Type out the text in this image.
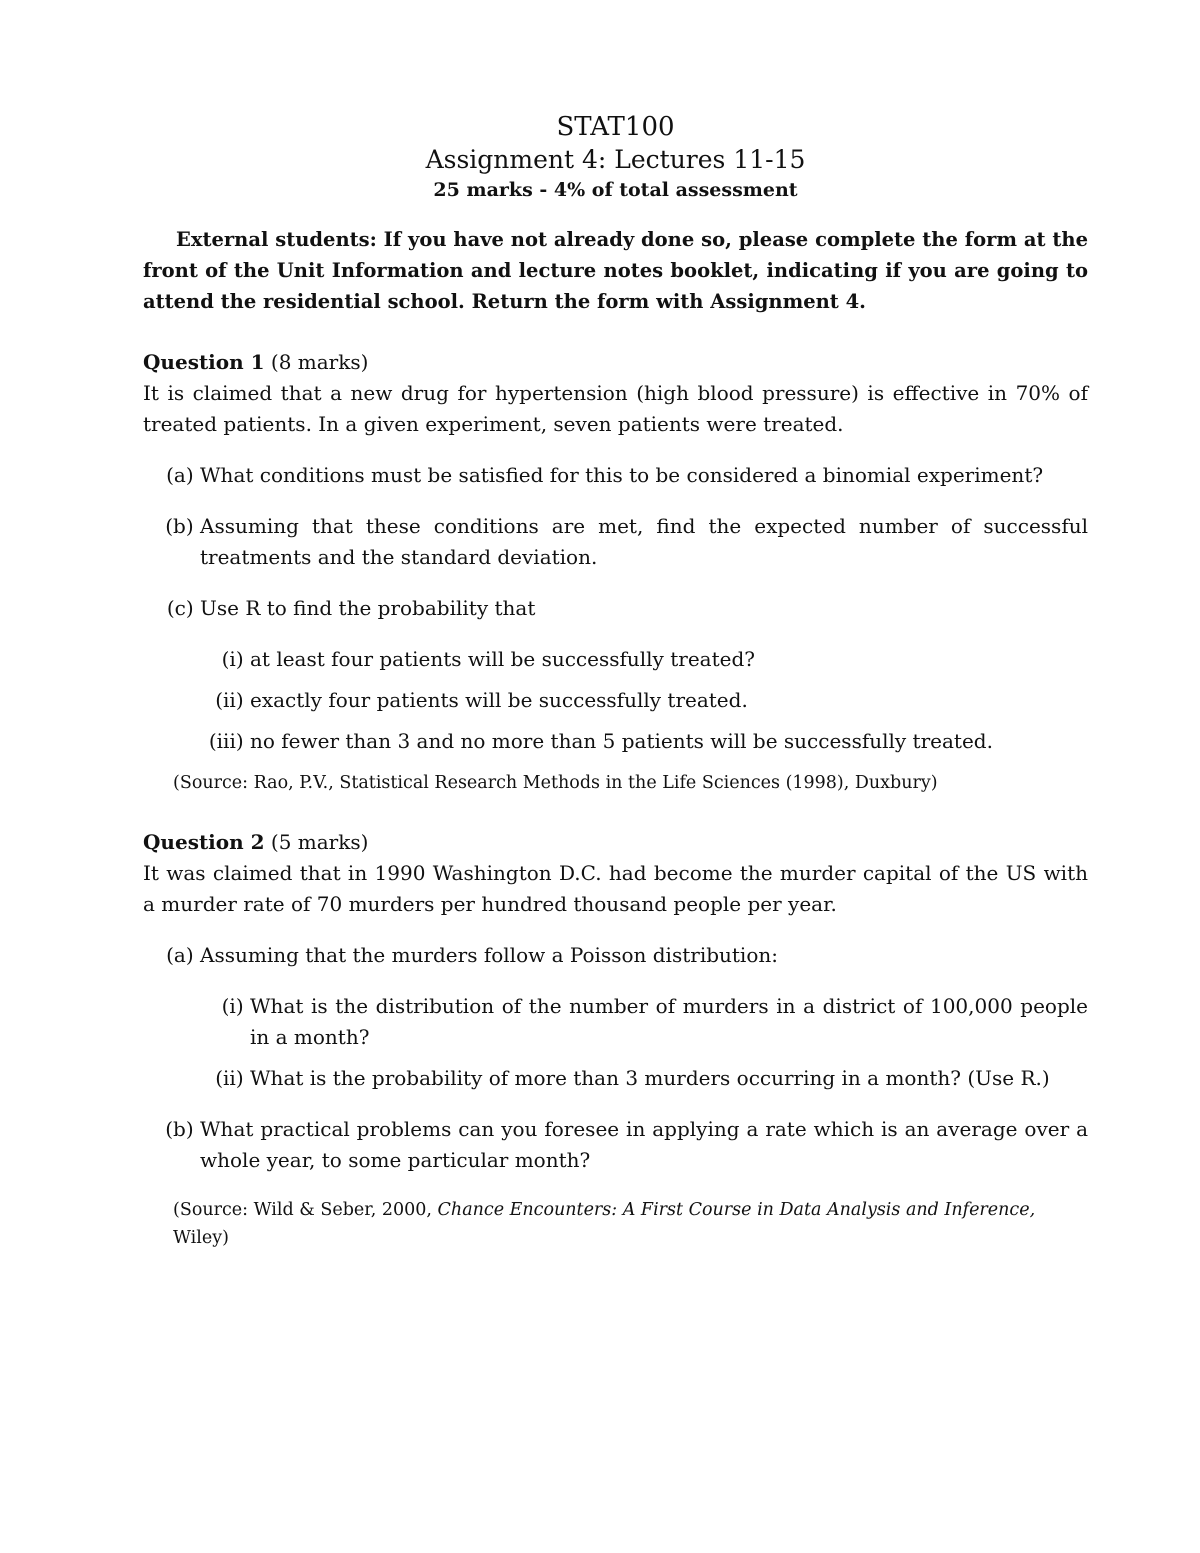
STAT100

Assignment 4: Lectures 11-15

25 marks - 4% of total assessment

External students: If you have not already done so, please complete the form at the front of the Unit Information and lecture notes booklet, indicating if you are going to attend the residential school. Return the form with Assignment 4.

Question 1 (8 marks)

It is claimed that a new drug for hypertension (high blood pressure) is effective in 70% of treated patients. In a given experiment, seven patients were treated.

(a) What conditions must be satisfied for this to be considered a binomial experiment?
(b) Assuming that these conditions are met, find the expected number of successful treatments and the standard deviation.
(c) Use R to find the probability that
(i) at least four patients will be successfully treated?
(ii) exactly four patients will be successfully treated.
(iii) no fewer than 3 and no more than 5 patients will be successfully treated.

(Source: Rao, P.V., Statistical Research Methods in the Life Sciences (1998), Duxbury)

Question 2 (5 marks)

It was claimed that in 1990 Washington D.C. had become the murder capital of the US with a murder rate of 70 murders per hundred thousand people per year.

(a) Assuming that the murders follow a Poisson distribution:
(i) What is the distribution of the number of murders in a district of 100,000 people in a month?
(ii) What is the probability of more than 3 murders occurring in a month? (Use R.)
(b) What practical problems can you foresee in applying a rate which is an average over a whole year, to some particular month?

(Source: Wild & Seber, 2000, Chance Encounters: A First Course in Data Analysis and Inference, Wiley)
